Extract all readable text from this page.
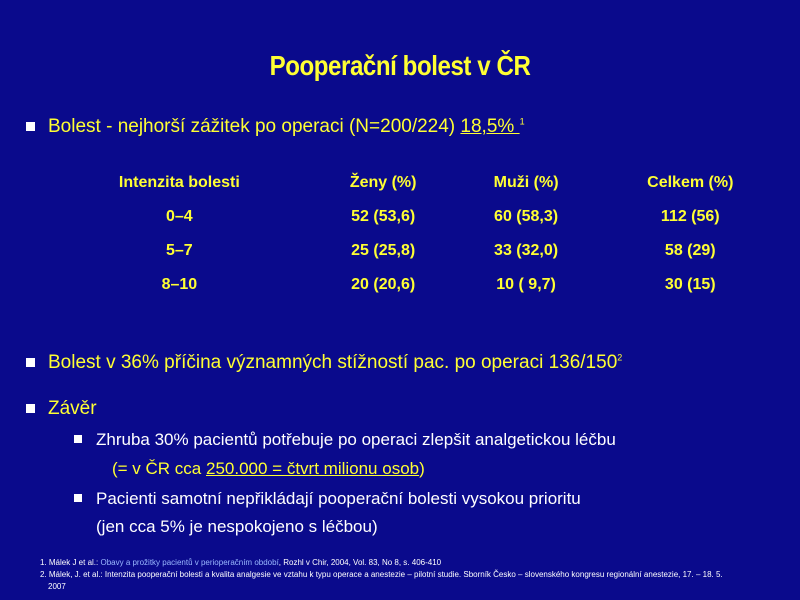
Pooperační bolest v ČR
Bolest - nejhorší zážitek po operaci (N=200/224) 18,5% $^1$
Intenzita bolesti	Ženy (%)	Muži (%)	Celkem (%)
0–4	52 (53,6)	60 (58,3)	112 (56)
5–7	25 (25,8)	33 (32,0)	58 (29)
8–10	20 (20,6)	10 ( 9,7)	30 (15)
Bolest v 36% příčina významných stížností pac. po operaci $136/150^2$
Závěr
Zhruba 30% pacientů potřebuje po operaci zlepšit analgetickou léčbu
(= v ČR cca 250.000 = čtvrt milionu osob)
Pacienti samotní nepřikládají pooperační bolesti vysokou prioritu
(jen cca 5% je nespokojeno s léčbou)
1. Málek J et al.: Obavy a prožitky pacientů v perioperačním období, Rozhl v Chir, 2004, Vol. 83, No 8, s. 406-410
2. Málek, J. et al.: Intenzita pooperační bolesti a kvalita analgesie ve vztahu k typu operace a anestezie – pilotní studie. Sborník Česko – slovenského kongresu regionální anestezie, 17. – 18. 5.
2007
